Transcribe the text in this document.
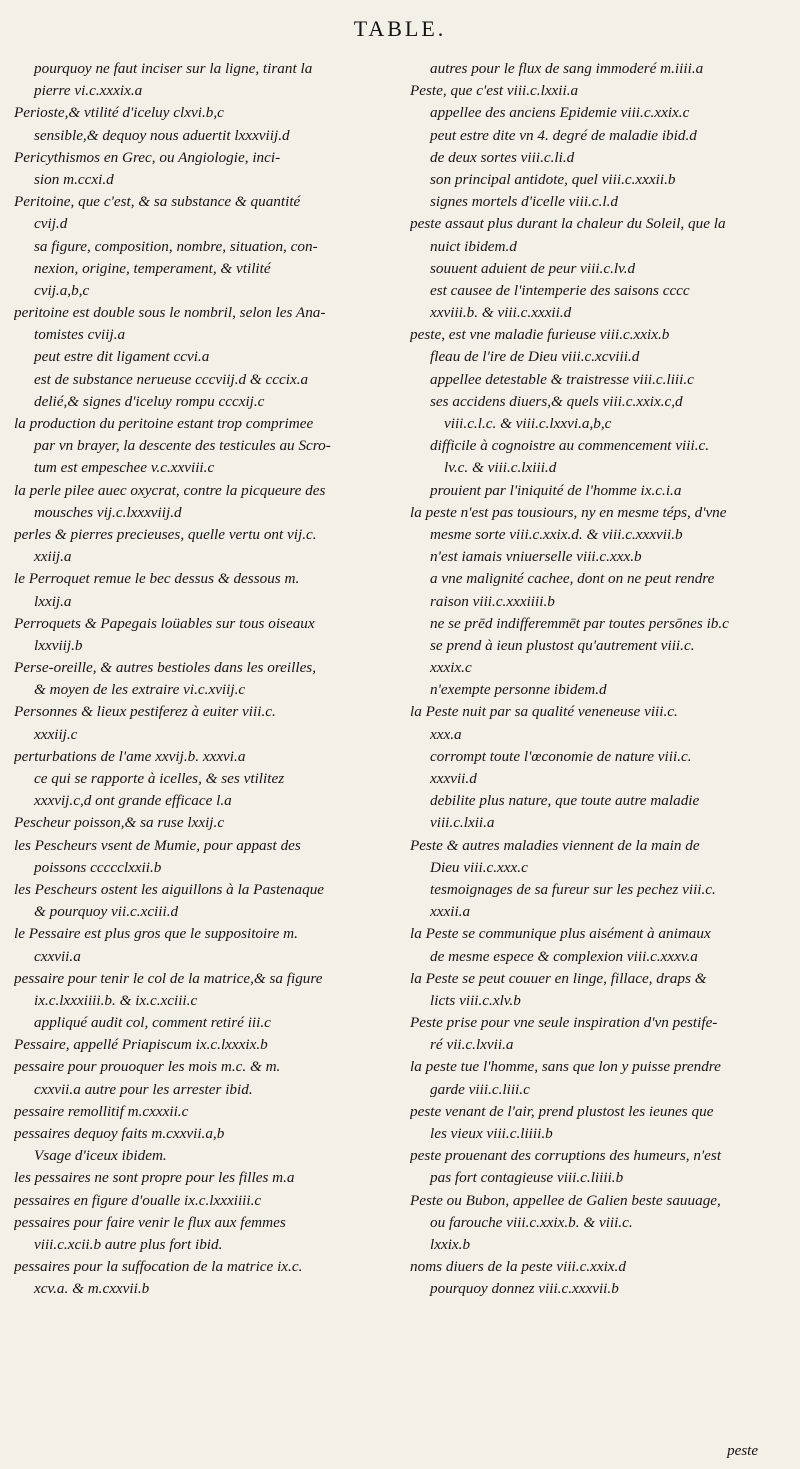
TABLE.
pourquoy ne faut inciser sur la ligne, tirant la
pierre vi.c.xxxix.a
Perioste,& vtilité d'iceluy clxvi.b,c
sensible,& dequoy nous aduertit lxxxviij.d
Pericythismos en Grec, ou Angiologie, inci-
sion m.ccxi.d
Peritoine, que c'est, & sa substance & quantité
cvij.d
sa figure, composition, nombre, situation, con-
nexion, origine, temperament, & vtilité
cvij.a,b,c
peritoine est double sous le nombril, selon les Ana-
tomistes cviij.a
peut estre dit ligament ccvi.a
est de substance nerueuse cccviij.d & cccix.a
delié,& signes d'iceluy rompu cccxij.c
la production du peritoine estant trop comprimee
par vn brayer, la descente des testicules au Scro-
tum est empeschee v.c.xxviii.c
la perle pilee auec oxycrat, contre la picqueure des
mousches vij.c.lxxxviij.d
perles & pierres precieuses, quelle vertu ont vij.c.
xxiij.a
le Perroquet remue le bec dessus & dessous m.
lxxij.a
Perroquets & Papegais loüables sur tous oiseaux
lxxviij.b
Perse-oreille, & autres bestioles dans les oreilles,
& moyen de les extraire vi.c.xviij.c
Personnes & lieux pestiferez à euiter viii.c.
xxxiij.c
perturbations de l'ame xxvij.b. xxxvi.a
ce qui se rapporte à icelles, & ses vtilitez
xxxvij.c,d ont grande efficace l.a
Pescheur poisson,& sa ruse lxxij.c
les Pescheurs vsent de Mumie, pour appast des
poissons ccccclxxii.b
les Pescheurs ostent les aiguillons à la Pastenaque
& pourquoy vii.c.xciii.d
le Pessaire est plus gros que le suppositoire m.
cxxvii.a
pessaire pour tenir le col de la matrice,& sa figure
ix.c.lxxxiiii.b. & ix.c.xciii.c
appliqué audit col, comment retiré iii.c
Pessaire, appellé Priapiscum ix.c.lxxxix.b
pessaire pour prouoquer les mois m.c. & m.
cxxvii.a autre pour les arrester ibid.
pessaire remollitif m.cxxxii.c
pessaires dequoy faits m.cxxvii.a,b
Vsage d'iceux ibidem.
les pessaires ne sont propre pour les filles m.a
pessaires en figure d'oualle ix.c.lxxxiiii.c
pessaires pour faire venir le flux aux femmes
viii.c.xcii.b autre plus fort ibid.
pessaires pour la suffocation de la matrice ix.c.
xcv.a. & m.cxxvii.b
autres pour le flux de sang immoderé m.iiii.a
Peste, que c'est viii.c.lxxii.a
appellee des anciens Epidemie viii.c.xxix.c
peut estre dite vn 4. degré de maladie ibid.d
de deux sortes viii.c.li.d
son principal antidote, quel viii.c.xxxii.b
signes mortels d'icelle viii.c.l.d
peste assaut plus durant la chaleur du Soleil, que la
nuict ibidem.d
souuent aduient de peur viii.c.lv.d
est causee de l'intemperie des saisons cccc
xxviii.b. & viii.c.xxxii.d
peste, est vne maladie furieuse viii.c.xxix.b
fleau de l'ire de Dieu viii.c.xcviii.d
appellee detestable & traistresse viii.c.liii.c
ses accidens diuers,& quels viii.c.xxix.c,d
viii.c.l.c. & viii.c.lxxvi.a,b,c
difficile à cognoistre au commencement viii.c.
lv.c. & viii.c.lxiii.d
prouient par l'iniquité de l'homme ix.c.i.a
la peste n'est pas tousiours, ny en mesme téps, d'vne
mesme sorte viii.c.xxix.d. & viii.c.xxxvii.b
n'est iamais vniuerselle viii.c.xxx.b
a vne malignité cachee, dont on ne peut rendre
raison viii.c.xxxiiii.b
ne se prēd indifferemmēt par toutes persōnes ib.c
se prend à ieun plustost qu'autrement viii.c.
xxxix.c
n'exempte personne ibidem.d
la Peste nuit par sa qualité veneneuse viii.c.
xxx.a
corrompt toute l'œconomie de nature viii.c.
xxxvii.d
debilite plus nature, que toute autre maladie
viii.c.lxii.a
Peste & autres maladies viennent de la main de
Dieu viii.c.xxx.c
tesmoignages de sa fureur sur les pechez viii.c.
xxxii.a
la Peste se communique plus aisément à animaux
de mesme espece & complexion viii.c.xxxv.a
la Peste se peut couuer en linge, fillace, draps &
licts viii.c.xlv.b
Peste prise pour vne seule inspiration d'vn pestife-
ré vii.c.lxvii.a
la peste tue l'homme, sans que lon y puisse prendre
garde viii.c.liii.c
peste venant de l'air, prend plustost les ieunes que
les vieux viii.c.liiii.b
peste prouenant des corruptions des humeurs, n'est
pas fort contagieuse viii.c.liiii.b
Peste ou Bubon, appellee de Galien beste sauuage,
ou farouche viii.c.xxix.b. & viii.c.
lxxix.b
noms diuers de la peste viii.c.xxix.d
pourquoy donnez viii.c.xxxvii.b
peste
